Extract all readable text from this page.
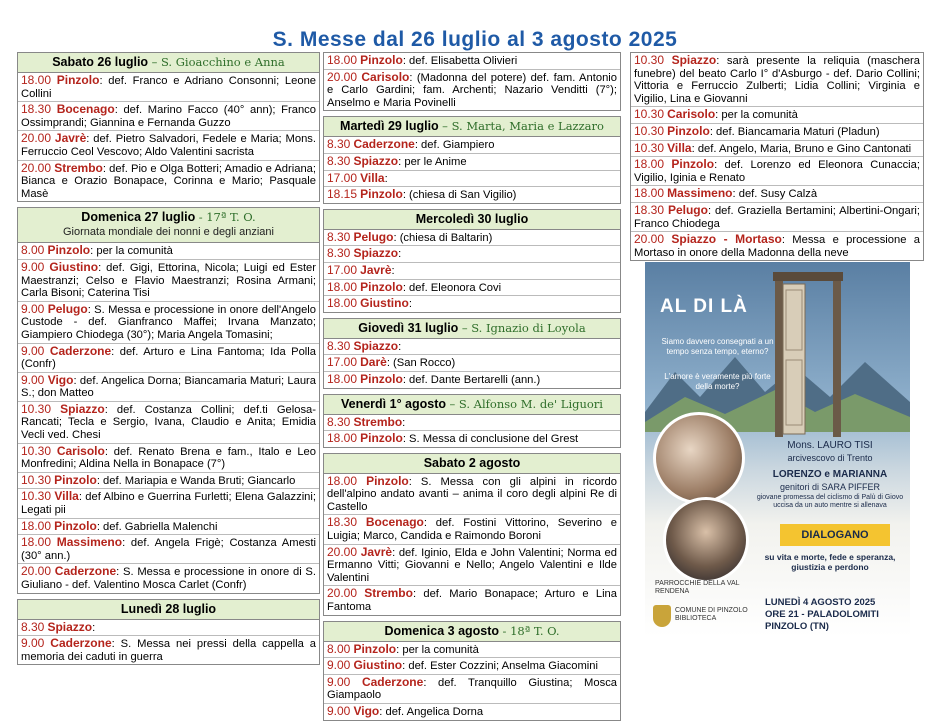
S. Messe dal 26 luglio al 3 agosto 2025
Sabato 26 luglio – S. Gioacchino e Anna
18.00 Pinzolo: def. Franco e Adriano Consonni; Leone Collini
18.30 Bocenago: def. Marino Facco (40° ann); Franco Ossimprandi; Giannina e Fernanda Guzzo
20.00 Javrè: def. Pietro Salvadori, Fedele e Maria; Mons. Ferruccio Ceol Vescovo; Aldo Valentini sacrista
20.00 Strembo: def. Pio e Olga Botteri; Amadio e Adriana; Bianca e Orazio Bonapace, Corinna e Mario; Pasquale Masè
Domenica 27 luglio - 17ª T. O.
Giornata mondiale dei nonni e degli anziani
8.00 Pinzolo: per la comunità
9.00 Giustino: def. Gigi, Ettorina, Nicola; Luigi ed Ester Maestranzi; Celso e Flavio Maestranzi; Rosina Armani; Carla Bisoni; Caterina Tisi
9.00 Pelugo: S. Messa e processione in onore dell'Angelo Custode - def. Gianfranco Maffei; Irvana Manzato; Giampiero Chiodega (30°); Maria Angela Tomasini;
9.00 Caderzone: def. Arturo e Lina Fantoma; Ida Polla (Confr)
9.00 Vigo: def. Angelica Dorna; Biancamaria Maturi; Laura S.; don Matteo
10.30 Spiazzo: def. Costanza Collini; def.ti Gelosa-Rancati; Tecla e Sergio, Ivana, Claudio e Anita; Emidia Vecli ved. Chesi
10.30 Carisolo: def. Renato Brena e fam., Italo e Leo Monfredini; Aldina Nella in Bonapace (7°)
10.30 Pinzolo: def. Mariapia e Wanda Bruti; Giancarlo
10.30 Villa: def Albino e Guerrina Furletti; Elena Galazzini; Legati pii
18.00 Pinzolo: def. Gabriella Malenchi
18.00 Massimeno: def. Angela Frigè; Costanza Amesti (30° ann.)
20.00 Caderzone: S. Messa e processione in onore di S. Giuliano - def. Valentino Mosca Carlet (Confr)
Lunedì 28 luglio
8.30 Spiazzo:
9.00 Caderzone: S. Messa nei pressi della cappella a memoria dei caduti in guerra
18.00 Pinzolo: def. Elisabetta Olivieri
20.00 Carisolo: (Madonna del potere) def. fam. Antonio e Carlo Gardini; fam. Archenti; Nazario Venditti (7°); Anselmo e Maria Povinelli
Martedì 29 luglio – S. Marta, Maria e Lazzaro
8.30 Caderzone: def. Giampiero
8.30 Spiazzo: per le Anime
17.00 Villa:
18.15 Pinzolo: (chiesa di San Vigilio)
Mercoledì 30 luglio
8.30 Pelugo: (chiesa di Baltarin)
8.30 Spiazzo:
17.00 Javrè:
18.00 Pinzolo: def. Eleonora Covi
18.00 Giustino:
Giovedì 31 luglio – S. Ignazio di Loyola
8.30 Spiazzo:
17.00 Darè: (San Rocco)
18.00 Pinzolo: def. Dante Bertarelli (ann.)
Venerdì 1° agosto – S. Alfonso M. de' Liguori
8.30 Strembo:
18.00 Pinzolo: S. Messa di conclusione del Grest
Sabato 2 agosto
18.00 Pinzolo: S. Messa con gli alpini in ricordo dell'alpino andato avanti – anima il coro degli alpini Re di Castello
18.30 Bocenago: def. Fostini Vittorino, Severino e Luigia; Marco, Candida e Raimondo Boroni
20.00 Javrè: def. Iginio, Elda e John Valentini; Norma ed Ermanno Vitti; Giovanni e Nello; Angelo Valentini e Ilde Valentini
20.00 Strembo: def. Mario Bonapace; Arturo e Lina Fantoma
Domenica 3 agosto - 18ª T. O.
8.00 Pinzolo: per la comunità
9.00 Giustino: def. Ester Cozzini; Anselma Giacomini
9.00 Caderzone: def. Tranquillo Giustina; Mosca Giampaolo
9.00 Vigo: def. Angelica Dorna
10.30 Spiazzo: sarà presente la reliquia (maschera funebre) del beato Carlo I° d'Asburgo - def. Dario Collini; Vittoria e Ferruccio Zulberti; Lidia Collini; Virginia e Vigilio, Lina e Giovanni
10.30 Carisolo: per la comunità
10.30 Pinzolo: def. Biancamaria Maturi (Pladun)
10.30 Villa: def. Angelo, Maria, Bruno e Gino Cantonati
18.00 Pinzolo: def. Lorenzo ed Eleonora Cunaccia; Vigilio, Iginia e Renato
18.00 Massimeno: def. Susy Calzà
18.30 Pelugo: def. Graziella Bertamini; Albertini-Ongari; Franco Chiodega
20.00 Spiazzo - Mortaso: Messa e processione a Mortaso in onore della Madonna della neve
AL DI LÀ
Siamo davvero consegnati a un tempo senza tempo, eterno?
L'amore è veramente più forte della morte?
Mons. LAURO TISI
arcivescovo di Trento
LORENZO e MARIANNA
genitori di SARA PIFFER
giovane promessa del ciclismo di Palù di Giovo uccisa da un auto mentre si allenava
DIALOGANO
su vita e morte, fede e speranza, giustizia e perdono
PARROCCHIE DELLA VAL RENDENA
COMUNE DI PINZOLO BIBLIOTECA
LUNEDÌ 4 AGOSTO 2025
ORE 21 - PALADOLOMITI
PINZOLO (TN)
